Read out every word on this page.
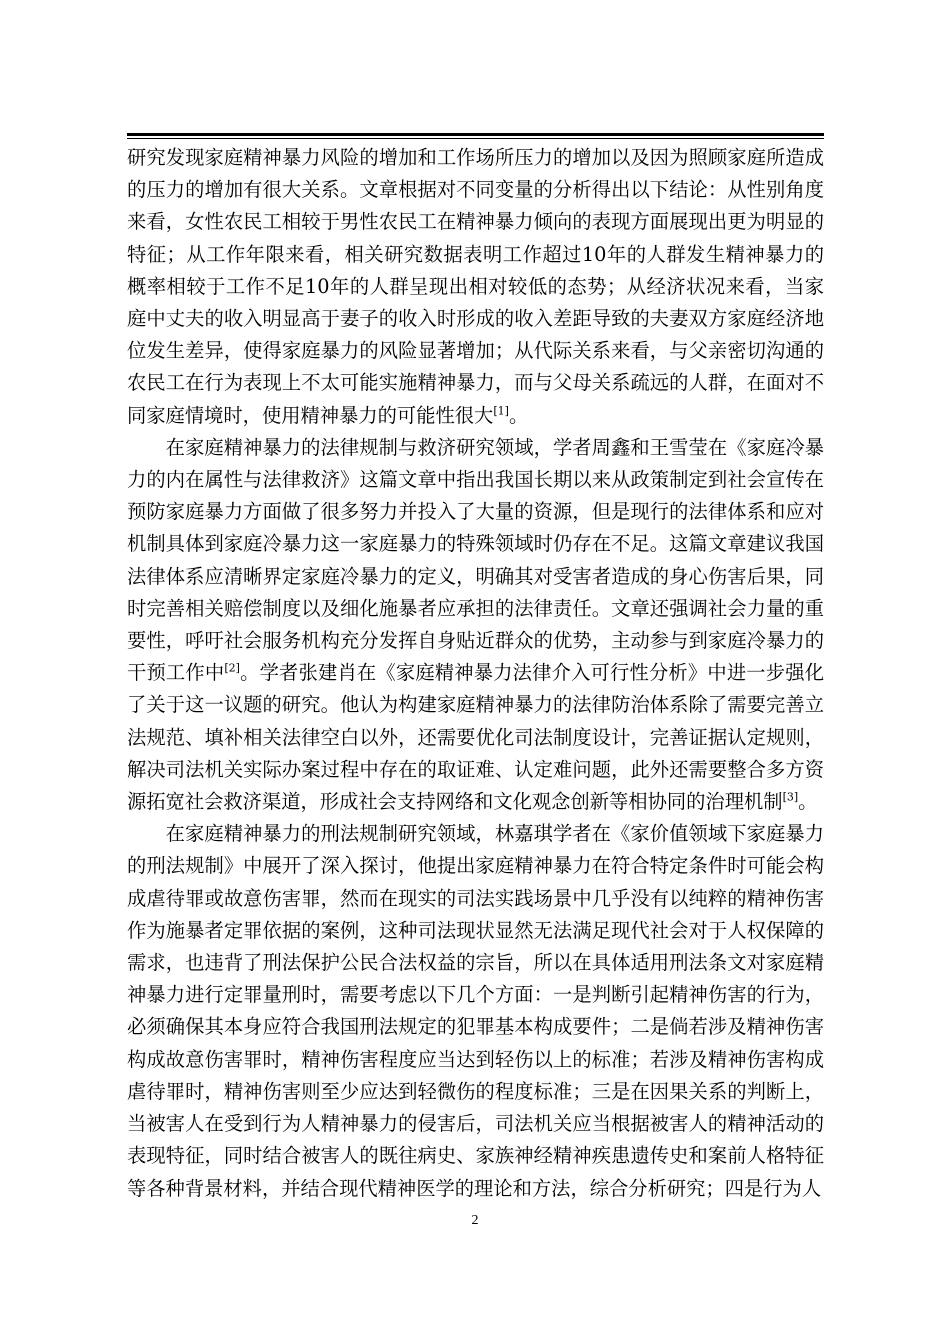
研究发现家庭精神暴力风险的增加和工作场所压力的增加以及因为照顾家庭所造成的压力的增加有很大关系。文章根据对不同变量的分析得出以下结论：从性别角度来看，女性农民工相较于男性农民工在精神暴力倾向的表现方面展现出更为明显的特征；从工作年限来看，相关研究数据表明工作超过10年的人群发生精神暴力的概率相较于工作不足10年的人群呈现出相对较低的态势；从经济状况来看，当家庭中丈夫的收入明显高于妻子的收入时形成的收入差距导致的夫妻双方家庭经济地位发生差异，使得家庭暴力的风险显著增加；从代际关系来看，与父亲密切沟通的农民工在行为表现上不太可能实施精神暴力，而与父母关系疏远的人群，在面对不同家庭情境时，使用精神暴力的可能性很大[1]。

在家庭精神暴力的法律规制与救济研究领域，学者周鑫和王雪莹在《家庭冷暴力的内在属性与法律救济》这篇文章中指出我国长期以来从政策制定到社会宣传在预防家庭暴力方面做了很多努力并投入了大量的资源，但是现行的法律体系和应对机制具体到家庭冷暴力这一家庭暴力的特殊领域时仍存在不足。这篇文章建议我国法律体系应清晰界定家庭冷暴力的定义，明确其对受害者造成的身心伤害后果，同时完善相关赔偿制度以及细化施暴者应承担的法律责任。文章还强调社会力量的重要性，呼吁社会服务机构充分发挥自身贴近群众的优势，主动参与到家庭冷暴力的干预工作中[2]。学者张建肖在《家庭精神暴力法律介入可行性分析》中进一步强化了关于这一议题的研究。他认为构建家庭精神暴力的法律防治体系除了需要完善立法规范、填补相关法律空白以外，还需要优化司法制度设计，完善证据认定规则，解决司法机关实际办案过程中存在的取证难、认定难问题，此外还需要整合多方资源拓宽社会救济渠道，形成社会支持网络和文化观念创新等相协同的治理机制[3]。

在家庭精神暴力的刑法规制研究领域，林嘉琪学者在《家价值领域下家庭暴力的刑法规制》中展开了深入探讨，他提出家庭精神暴力在符合特定条件时可能会构成虐待罪或故意伤害罪，然而在现实的司法实践场景中几乎没有以纯粹的精神伤害作为施暴者定罪依据的案例，这种司法现状显然无法满足现代社会对于人权保障的需求，也违背了刑法保护公民合法权益的宗旨，所以在具体适用刑法条文对家庭精神暴力进行定罪量刑时，需要考虑以下几个方面：一是判断引起精神伤害的行为，必须确保其本身应符合我国刑法规定的犯罪基本构成要件；二是倘若涉及精神伤害构成故意伤害罪时，精神伤害程度应当达到轻伤以上的标准；若涉及精神伤害构成虐待罪时，精神伤害则至少应达到轻微伤的程度标准；三是在因果关系的判断上，当被害人在受到行为人精神暴力的侵害后，司法机关应当根据被害人的精神活动的表现特征，同时结合被害人的既往病史、家族神经精神疾患遗传史和案前人格特征等各种背景材料，并结合现代精神医学的理论和方法，综合分析研究；四是行为人

2
